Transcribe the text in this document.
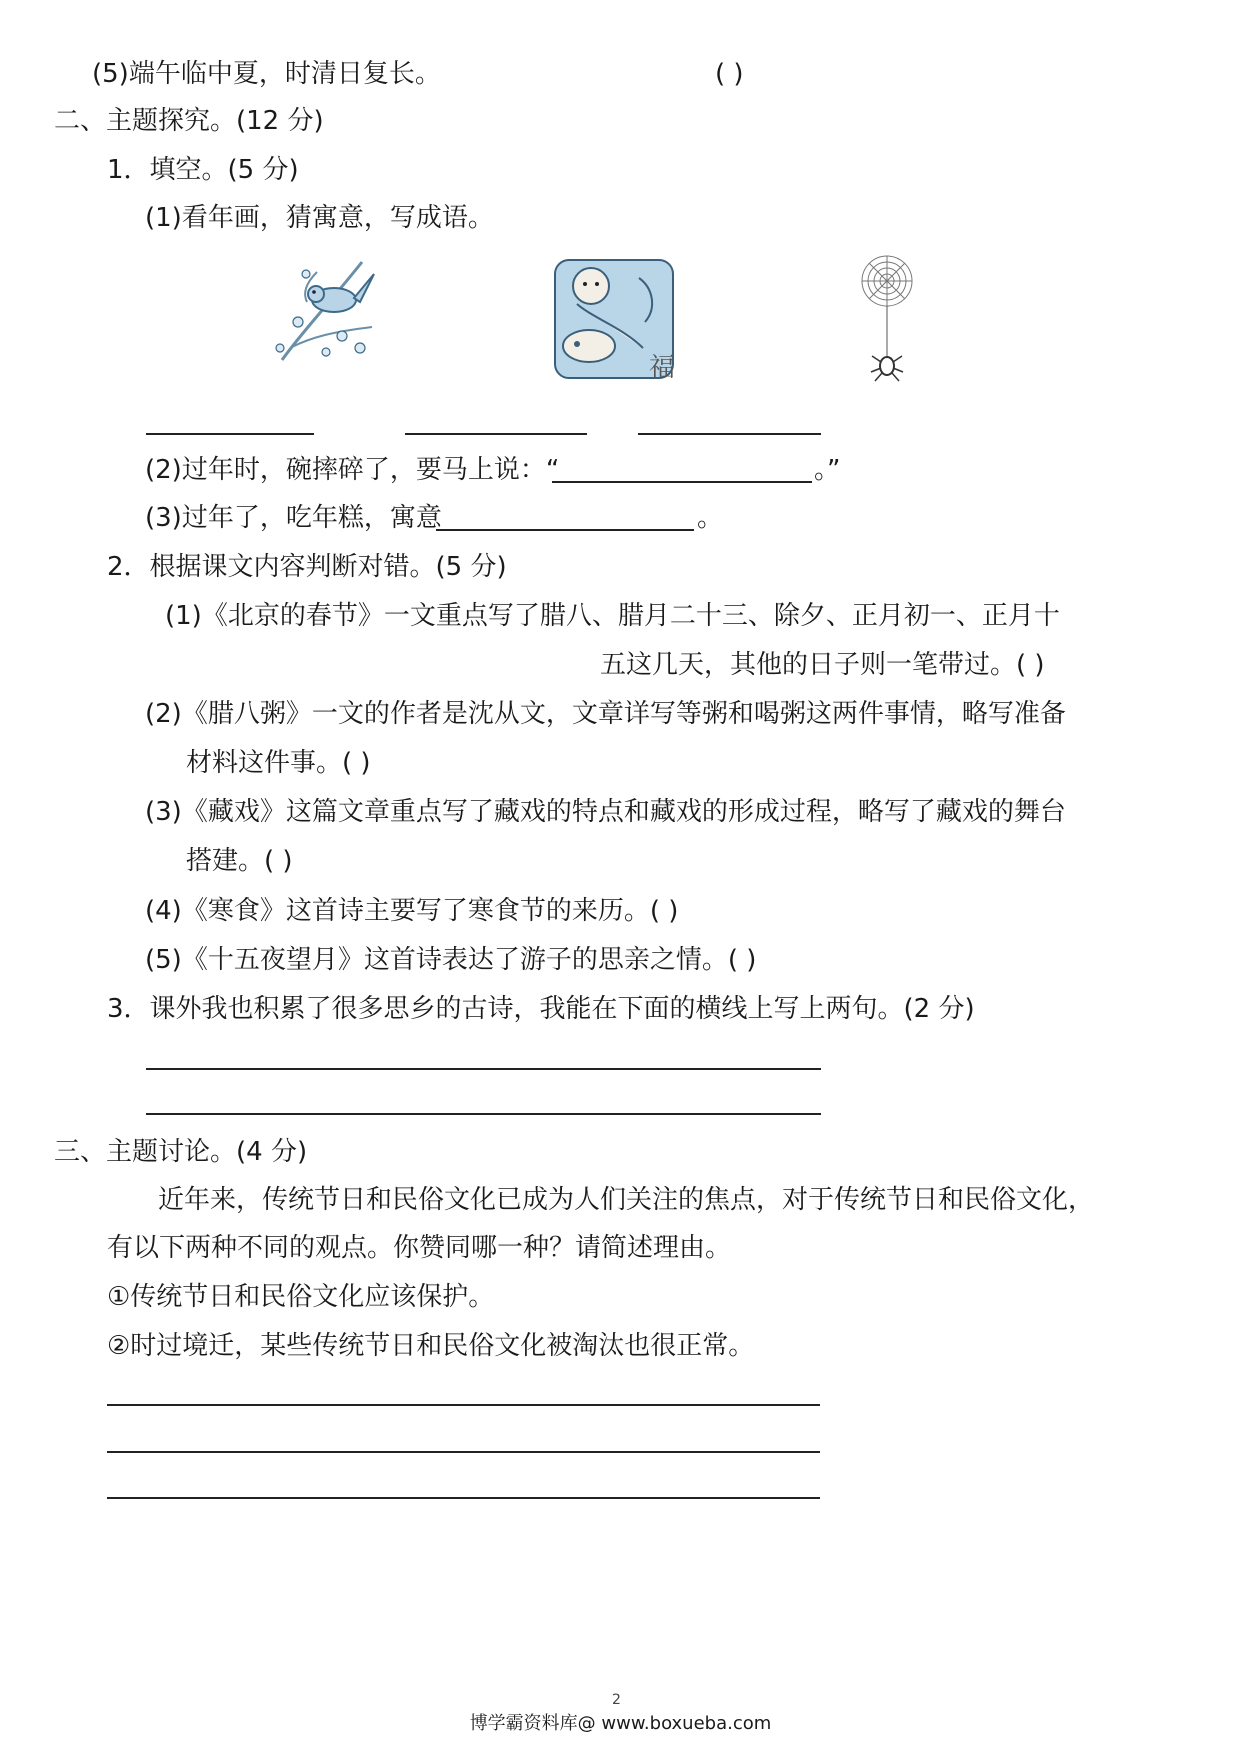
(5)端午临中夏，时清日复长。	( )
二、主题探究。(12 分)
1．填空。(5 分)
(1)看年画，猜寓意，写成语。
福
(2)过年时，碗摔碎了，要马上说：“	。”
(3)过年了，吃年糕，寓意	。
2．根据课文内容判断对错。(5 分)
(1)《北京的春节》一文重点写了腊八、腊月二十三、除夕、正月初一、正月十
五这几天，其他的日子则一笔带过。( )
(2)《腊八粥》一文的作者是沈从文，文章详写等粥和喝粥这两件事情，略写准备
材料这件事。( )
(3)《藏戏》这篇文章重点写了藏戏的特点和藏戏的形成过程，略写了藏戏的舞台
搭建。( )
(4)《寒食》这首诗主要写了寒食节的来历。( )
(5)《十五夜望月》这首诗表达了游子的思亲之情。( )
3．课外我也积累了很多思乡的古诗，我能在下面的横线上写上两句。(2 分)
三、主题讨论。(4 分)
近年来，传统节日和民俗文化已成为人们关注的焦点，对于传统节日和民俗文化，
有以下两种不同的观点。你赞同哪一种？请简述理由。
①传统节日和民俗文化应该保护。
②时过境迁，某些传统节日和民俗文化被淘汰也很正常。
2
博学霸资料库@ www.boxueba.com
